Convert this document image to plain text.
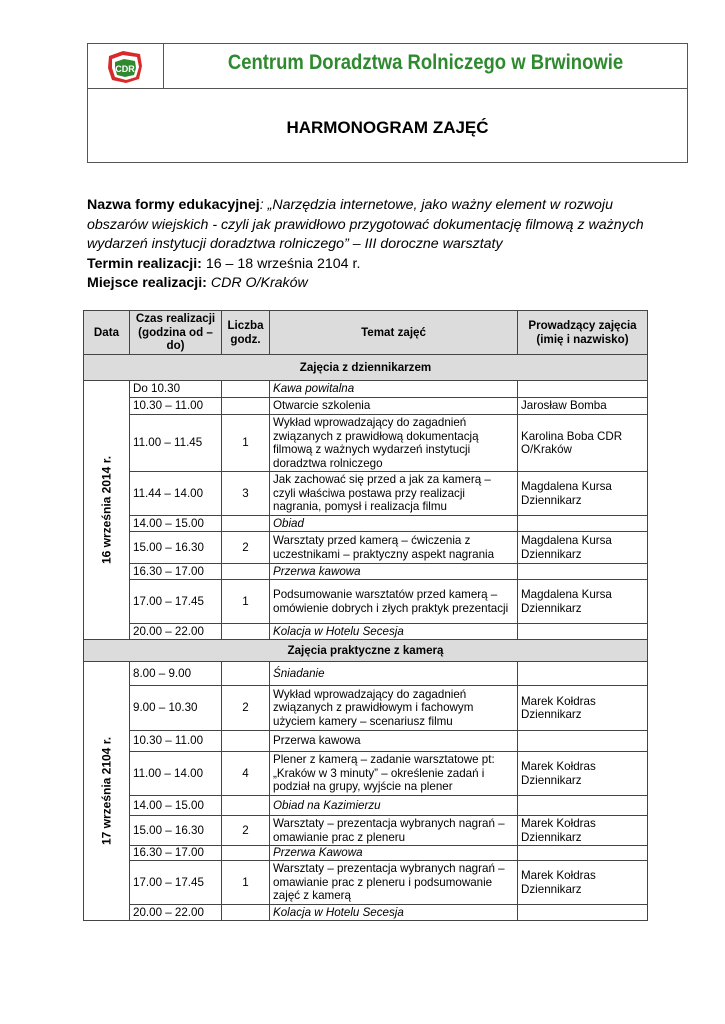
CDR	Centrum Doradztwa Rolniczego w Brwinowie
HARMONOGRAM ZAJĘĆ

Nazwa formy edukacyjnej: „Narzędzia internetowe, jako ważny element w rozwoju obszarów wiejskich - czyli jak prawidłowo przygotować dokumentację filmową z ważnych wydarzeń instytucji doradztwa rolniczego” – III doroczne warsztaty

Termin realizacji: 16 – 18 września 2104 r.

Miejsce realizacji: CDR O/Kraków

Data	Czas realizacji (godzina od – do)	Liczba godz.	Temat zajęć	Prowadzący zajęcia (imię i nazwisko)
Zajęcia z dziennikarzem				

16 września 2014 r.	Do 10.30		Kawa powitalna	
	10.30 – 11.00		Otwarcie szkolenia	Jarosław Bomba
	11.00 – 11.45	1	Wykład wprowadzający do zagadnień związanych z prawidłową dokumentacją filmową z ważnych wydarzeń instytucji doradztwa rolniczego	Karolina Boba CDR O/Kraków
	11.44 – 14.00	3	Jak zachować się przed a jak za kamerą – czyli właściwa postawa przy realizacji nagrania, pomysł i realizacja filmu	Magdalena Kursa Dziennikarz
	14.00 – 15.00		Obiad	
	15.00 – 16.30	2	Warsztaty przed kamerą – ćwiczenia z uczestnikami – praktyczny aspekt nagrania	Magdalena Kursa Dziennikarz
	16.30 – 17.00		Przerwa kawowa	
	17.00 – 17.45	1	Podsumowanie warsztatów przed kamerą – omówienie dobrych i złych praktyk prezentacji	Magdalena Kursa Dziennikarz
	20.00 – 22.00		Kolacja w Hotelu Secesja	
Zajęcia praktyczne z kamerą				

17 września 2104 r.	8.00 – 9.00		Śniadanie	
	9.00 – 10.30	2	Wykład wprowadzający do zagadnień związanych z prawidłowym i fachowym użyciem kamery – scenariusz filmu	Marek Kołdras Dziennikarz
	10.30 – 11.00		Przerwa kawowa	
	11.00 – 14.00	4	Plener z kamerą – zadanie warsztatowe pt: „Kraków w 3 minuty” – określenie zadań i podział na grupy, wyjście na plener	Marek Kołdras Dziennikarz
	14.00 – 15.00		Obiad na Kazimierzu	
	15.00 – 16.30	2	Warsztaty – prezentacja wybranych nagrań – omawianie prac z pleneru	Marek Kołdras Dziennikarz
	16.30 – 17.00		Przerwa Kawowa	
	17.00 – 17.45	1	Warsztaty – prezentacja wybranych nagrań – omawianie prac z pleneru i podsumowanie zajęć z kamerą	Marek Kołdras Dziennikarz
	20.00 – 22.00		Kolacja w Hotelu Secesja	
